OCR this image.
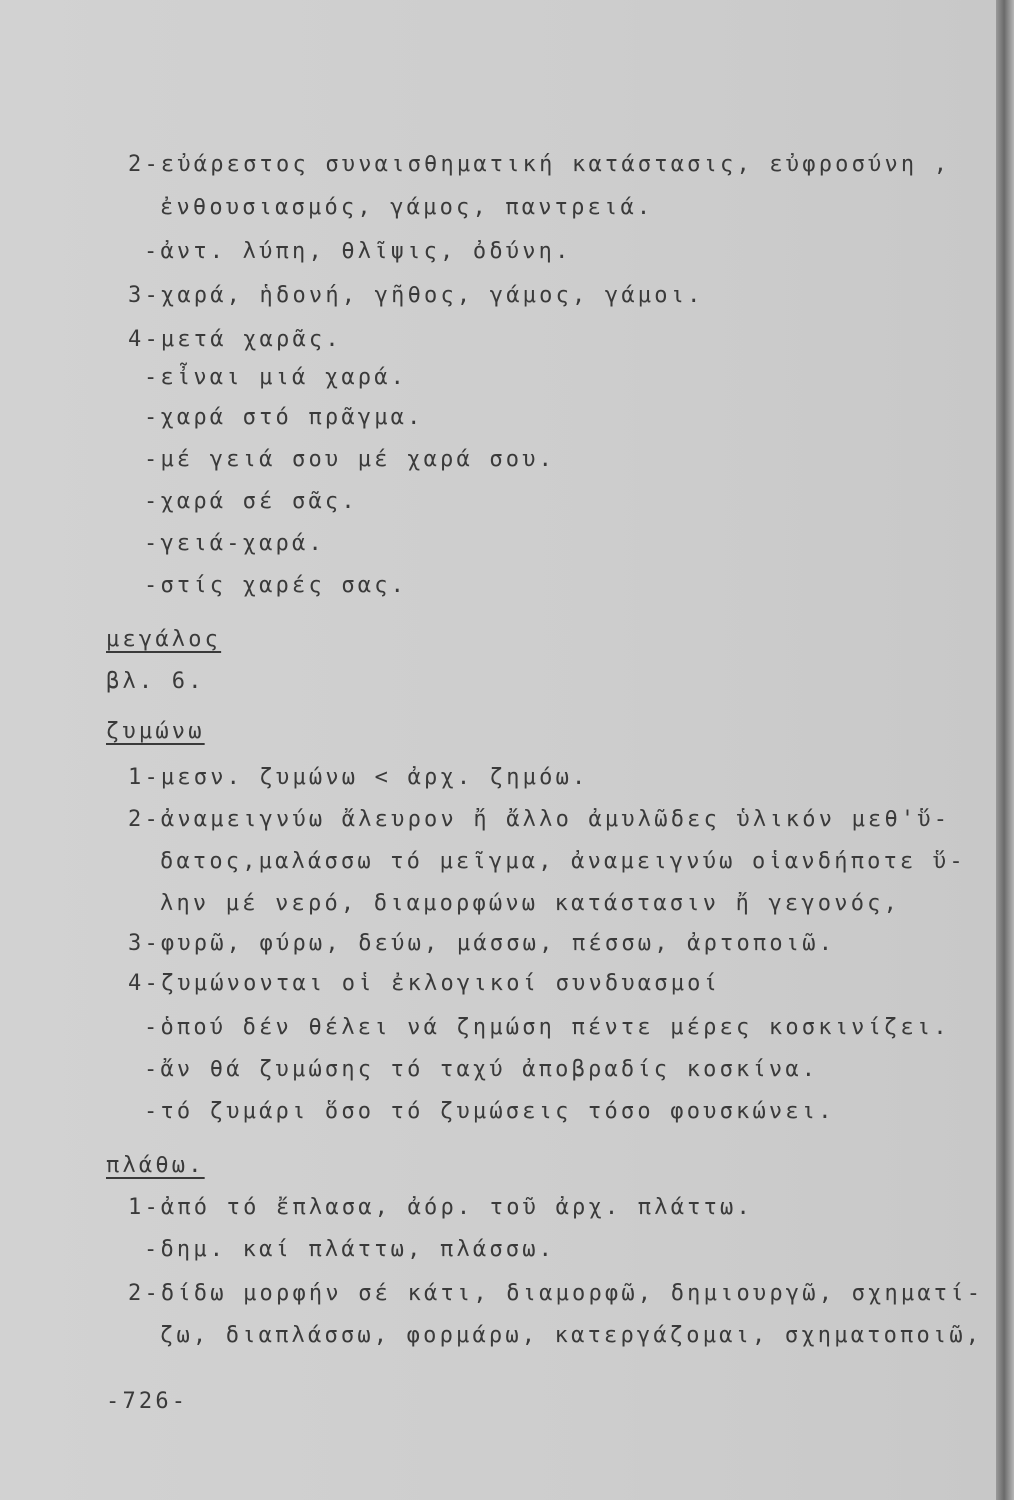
2-εὐάρεστος συναισθηματική κατάστασις, εὐφροσύνη ,
ἐνθουσιασμός, γάμος, παντρειά.
-ἀντ. λύπη, θλῖψις, ὀδύνη.
3-χαρά, ἡδονή, γῆθος, γάμος, γάμοι.
4-μετά χαρᾶς.
-εἶναι μιά χαρά.
-χαρά στό πρᾶγμα.
-μέ γειά σου μέ χαρά σου.
-χαρά σέ σᾶς.
-γειά-χαρά.
-στίς χαρές σας.
μεγάλος
βλ. 6.
ζυμώνω
1-μεσν. ζυμώνω < ἀρχ. ζημόω.
2-ἀναμειγνύω ἄλευρον ἤ ἄλλο ἀμυλῶδες ὑλικόν μεθ'ὕ-
δατος,μαλάσσω τό μεῖγμα, ἀναμειγνύω οἱανδήποτε ὕ-
λην μέ νερό, διαμορφώνω κατάστασιν ἤ γεγονός,
3-φυρῶ, φύρω, δεύω, μάσσω, πέσσω, ἀρτοποιῶ.
4-ζυμώνονται οἱ ἐκλογικοί συνδυασμοί
-ὁπού δέν θέλει νά ζημώση πέντε μέρες κοσκινίζει.
-ἄν θά ζυμώσης τό ταχύ ἀποβραδίς κοσκίνα.
-τό ζυμάρι ὅσο τό ζυμώσεις τόσο φουσκώνει.
πλάθω.
1-ἀπό τό ἔπλασα, ἀόρ. τοῦ ἀρχ. πλάττω.
-δημ. καί πλάττω, πλάσσω.
2-δίδω μορφήν σέ κάτι, διαμορφῶ, δημιουργῶ, σχηματί-
ζω, διαπλάσσω, φορμάρω, κατεργάζομαι, σχηματοποιῶ,
-726-
